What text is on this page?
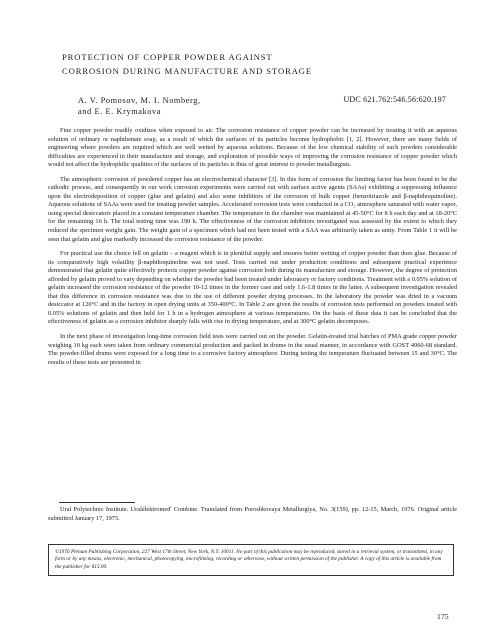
PROTECTION OF COPPER POWDER AGAINST
CORROSION DURING MANUFACTURE AND STORAGE
A. V. Pomosov, M. I. Nomberg,
and E. E. Krymakova
UDC 621.762:546.56:620.197

Fine copper powder readily oxidizes when exposed to air. The corrosion resistance of copper powder can be increased by treating it with an aqueous solution of ordinary or naphthenate soap, as a result of which the surfaces of its particles become hydrophobic [1, 2]. However, there are many fields of engineering where powders are required which are well wetted by aqueous solutions. Because of the low chemical stability of such powders considerable difficulties are experienced in their manufacture and storage, and exploration of possible ways of improving the corrosion resistance of copper powder which would not affect the hydrophilic qualities of the surfaces of its particles is thus of great interest to powder metallurgists.

The atmospheric corrosion of powdered copper has an electrochemical character [3]. In this form of corrosion the limiting factor has been found to be the cathodic process, and consequently in our work corrosion experiments were carried out with surface active agents (SAAs) exhibiting a suppressing influence upon the electrodeposition of copper (glue and gelatin) and also some inhibitors of the corrosion of bulk copper (benzotriazole and β-naphthoquinoline). Aqueous solutions of SAAs were used for treating powder samples. Accelerated corrosion tests were conducted in a CO₂ atmosphere saturated with water vapor, using special desiccators placed in a constant temperature chamber. The temperature in the chamber was maintained at 45-50°C for 8 h each day and at 18-20°C for the remaining 16 h. The total testing time was 190 h. The effectiveness of the corrosion inhibitors investigated was assessed by the extent to which they reduced the specimen weight gain. The weight gain of a specimen which had not been tested with a SAA was arbitrarily taken as unity. From Table 1 it will be seen that gelatin and glue markedly increased the corrosion resistance of the powder.

For practical use the choice fell on gelatin – a reagent which is in plentiful supply and ensures better wetting of copper powder than does glue. Because of its comparatively high volatility β-naphthoquinoline was not used. Tests carried out under production conditions and subsequent practical experience demonstrated that gelatin quite effectively protects copper powder against corrosion both during its manufacture and storage. However, the degree of protection afforded by gelatin proved to vary depending on whether the powder had been treated under laboratory or factory conditions. Treatment with a 0.05% solution of gelatin increased the corrosion resistance of the powder 10-12 times in the former case and only 1.6-1.8 times in the latter. A subsequent investigation revealed that this difference in corrosion resistance was due to the use of different powder drying processes. In the laboratory the powder was dried in a vacuum desiccator at 120°C and in the factory in open drying units at 350-400°C. In Table 2 are given the results of corrosion tests performed on powders treated with 0.05% solutions of gelatin and then held for 1 h in a hydrogen atmosphere at various temperatures. On the basis of these data it can be concluded that the effectiveness of gelatin as a corrosion inhibitor sharply falls with rise in drying temperature, and at 300°C gelatin decomposes.

In the next phase of investigation long-time corrosion field tests were carried out on the powder. Gelatin-treated trial batches of PMA grade copper powder weighing 10 kg each were taken from ordinary commercial production and packed in drums in the usual manner, in accordance with GOST 4960-68 standard. The powder-filled drums were exposed for a long time to a corrosive factory atmosphere. During testing the temperature fluctuated between 15 and 30°C. The results of these tests are presented in

Ural Polytechnic Institute. Uralélektromed' Combine. Translated from Poroshkovaya Metallurgiya, No. 3(159), pp. 12-15, March, 1976. Original article submitted January 17, 1975.

©1976 Plenum Publishing Corporation, 227 West 17th Street, New York, N.Y. 10011. No part of this publication may be reproduced, stored in a retrieval system, or transmitted, in any form or by any means, electronic, mechanical, photocopying, microfilming, recording or otherwise, without written permission of the publisher. A copy of this article is available from the publisher for $15.00.
175
